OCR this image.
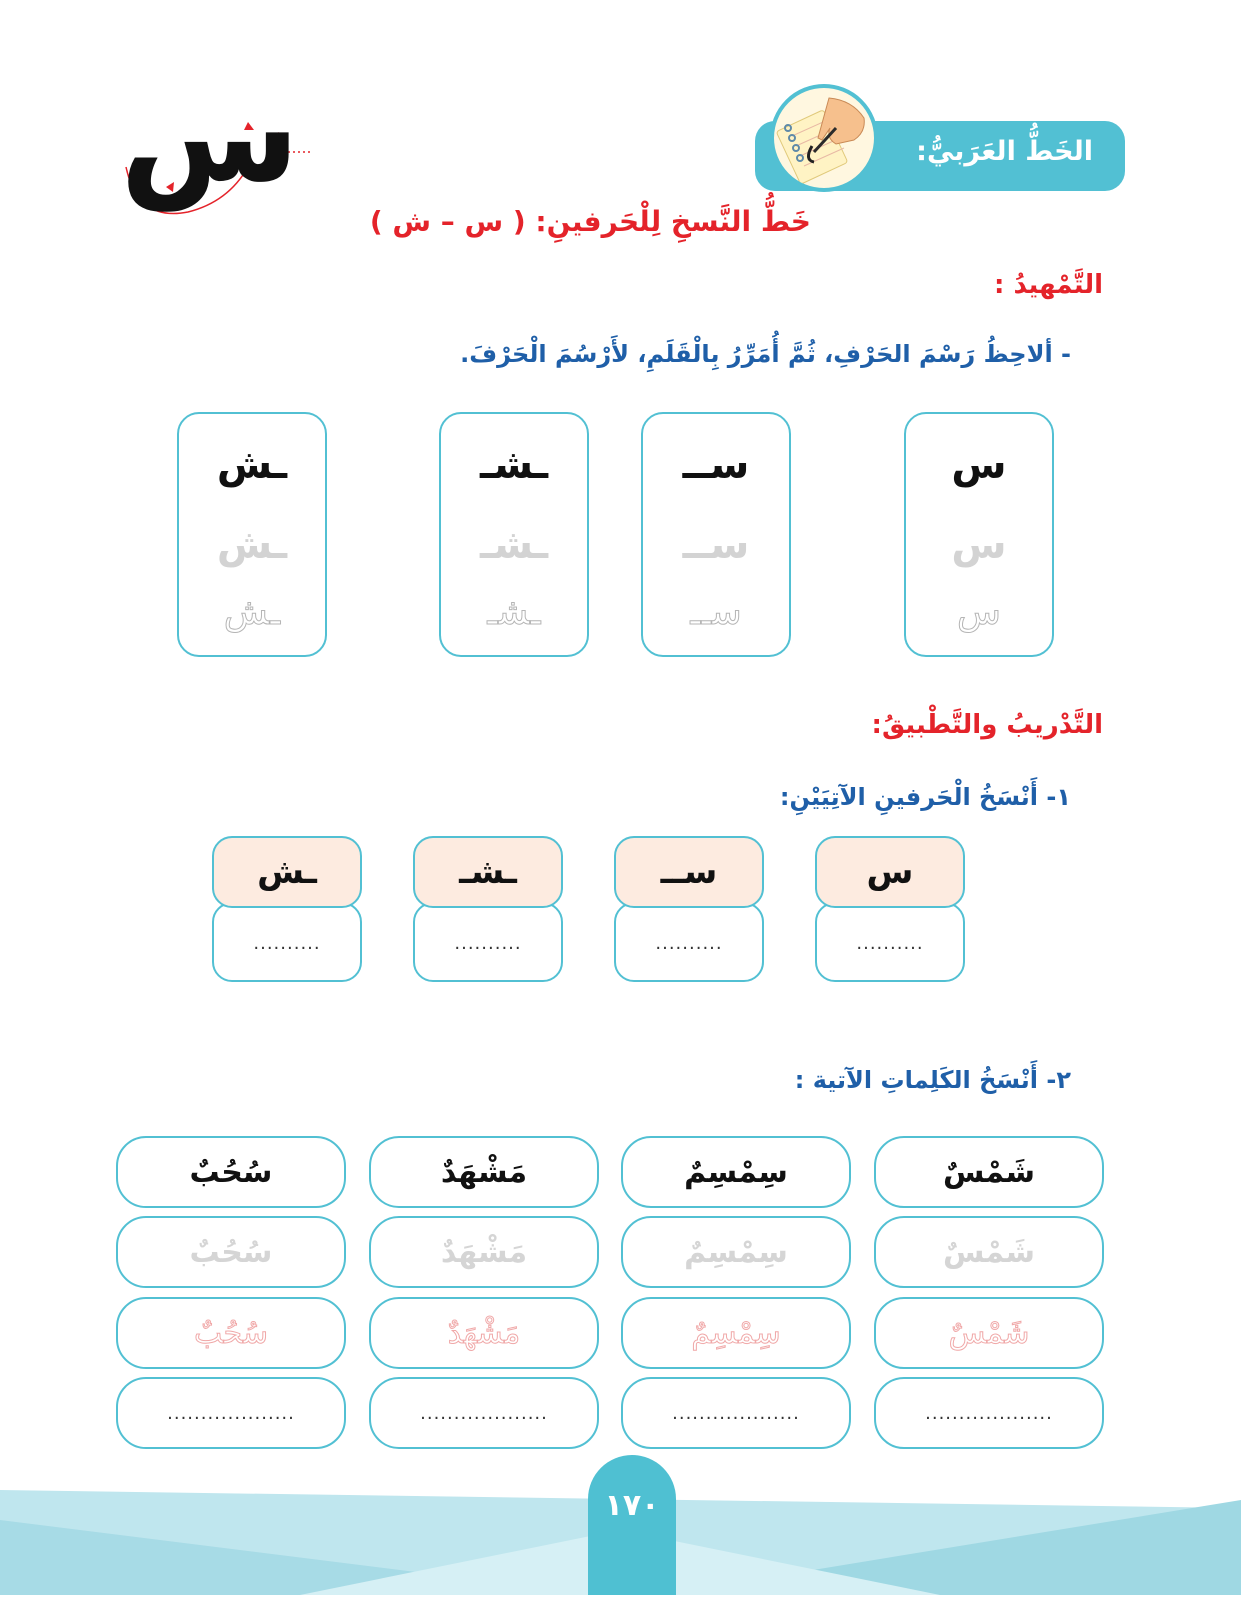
الخَطُّ العَرَبيُّ:
س
خَطُّ النَّسخِ لِلْحَرفينِ: ( س – ش )
التَّمْهيدُ :
- ألاحِظُ رَسْمَ الحَرْفِ، ثُمَّ أُمَرِّرُ بِالْقَلَمِ، لأَرْسُمَ الْحَرْفَ.
س
س
س
ســ
ســ
ســ
ـشـ
ـشـ
ـشـ
ـش
ـش
ـش
التَّدْريبُ والتَّطْبيقُ:
١- أَنْسَخُ الْحَرفينِ الآتِيَيْنِ:
..........
س
..........
ســ
..........
ـشـ
..........
ـش
٢- أَنْسَخُ الكَلِماتِ الآتية :
شَمْسٌ
شَمْسٌ
شَمْسٌ
...................
سِمْسِمٌ
سِمْسِمٌ
سِمْسِمٌ
...................
مَشْهَدٌ
مَشْهَدٌ
مَشْهَدٌ
...................
سُحُبٌ
سُحُبٌ
سُحُبٌ
...................
١٧٠
